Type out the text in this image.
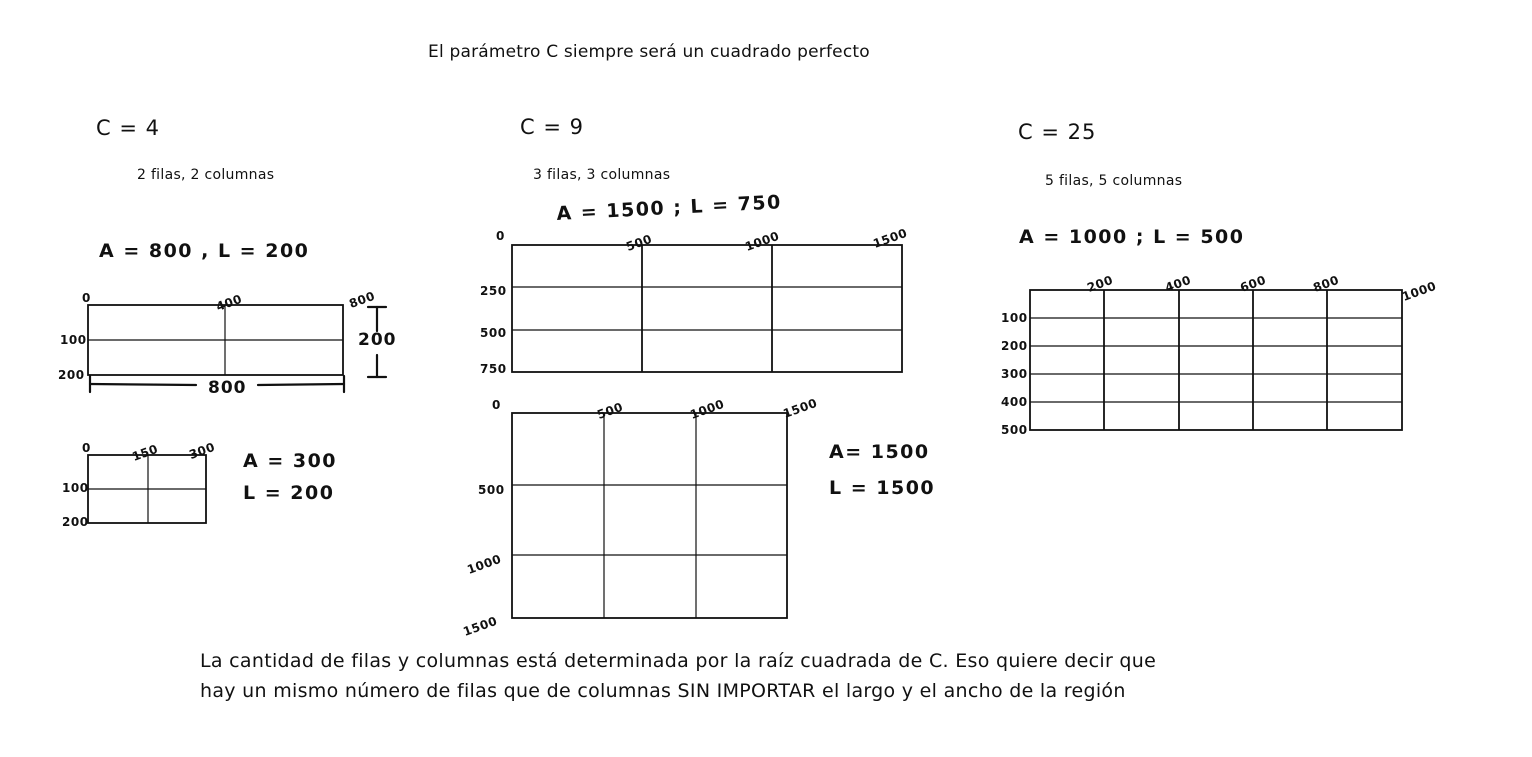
El parámetro C siempre será un cuadrado perfecto
C = 4
2 filas, 2 columnas
A = 800 , L = 200
0	400	800
100
200
800
200
0	150 300
100
200
A = 300
L = 200
C = 9
3 filas, 3 columnas
A = 1500 ; L = 750
0	500	1000	1500
250
500
750
0	500	1000	1500
500
1000
1500
A= 1500
L = 1500
C = 25
5 filas, 5 columnas
A = 1000 ; L = 500
200	400	600	800	1000
100
200
300
400
500
La cantidad de filas y columnas está determinada por la raíz cuadrada de C. Eso quiere decir que
hay un mismo número de filas que de columnas SIN IMPORTAR el largo y el ancho de la región
